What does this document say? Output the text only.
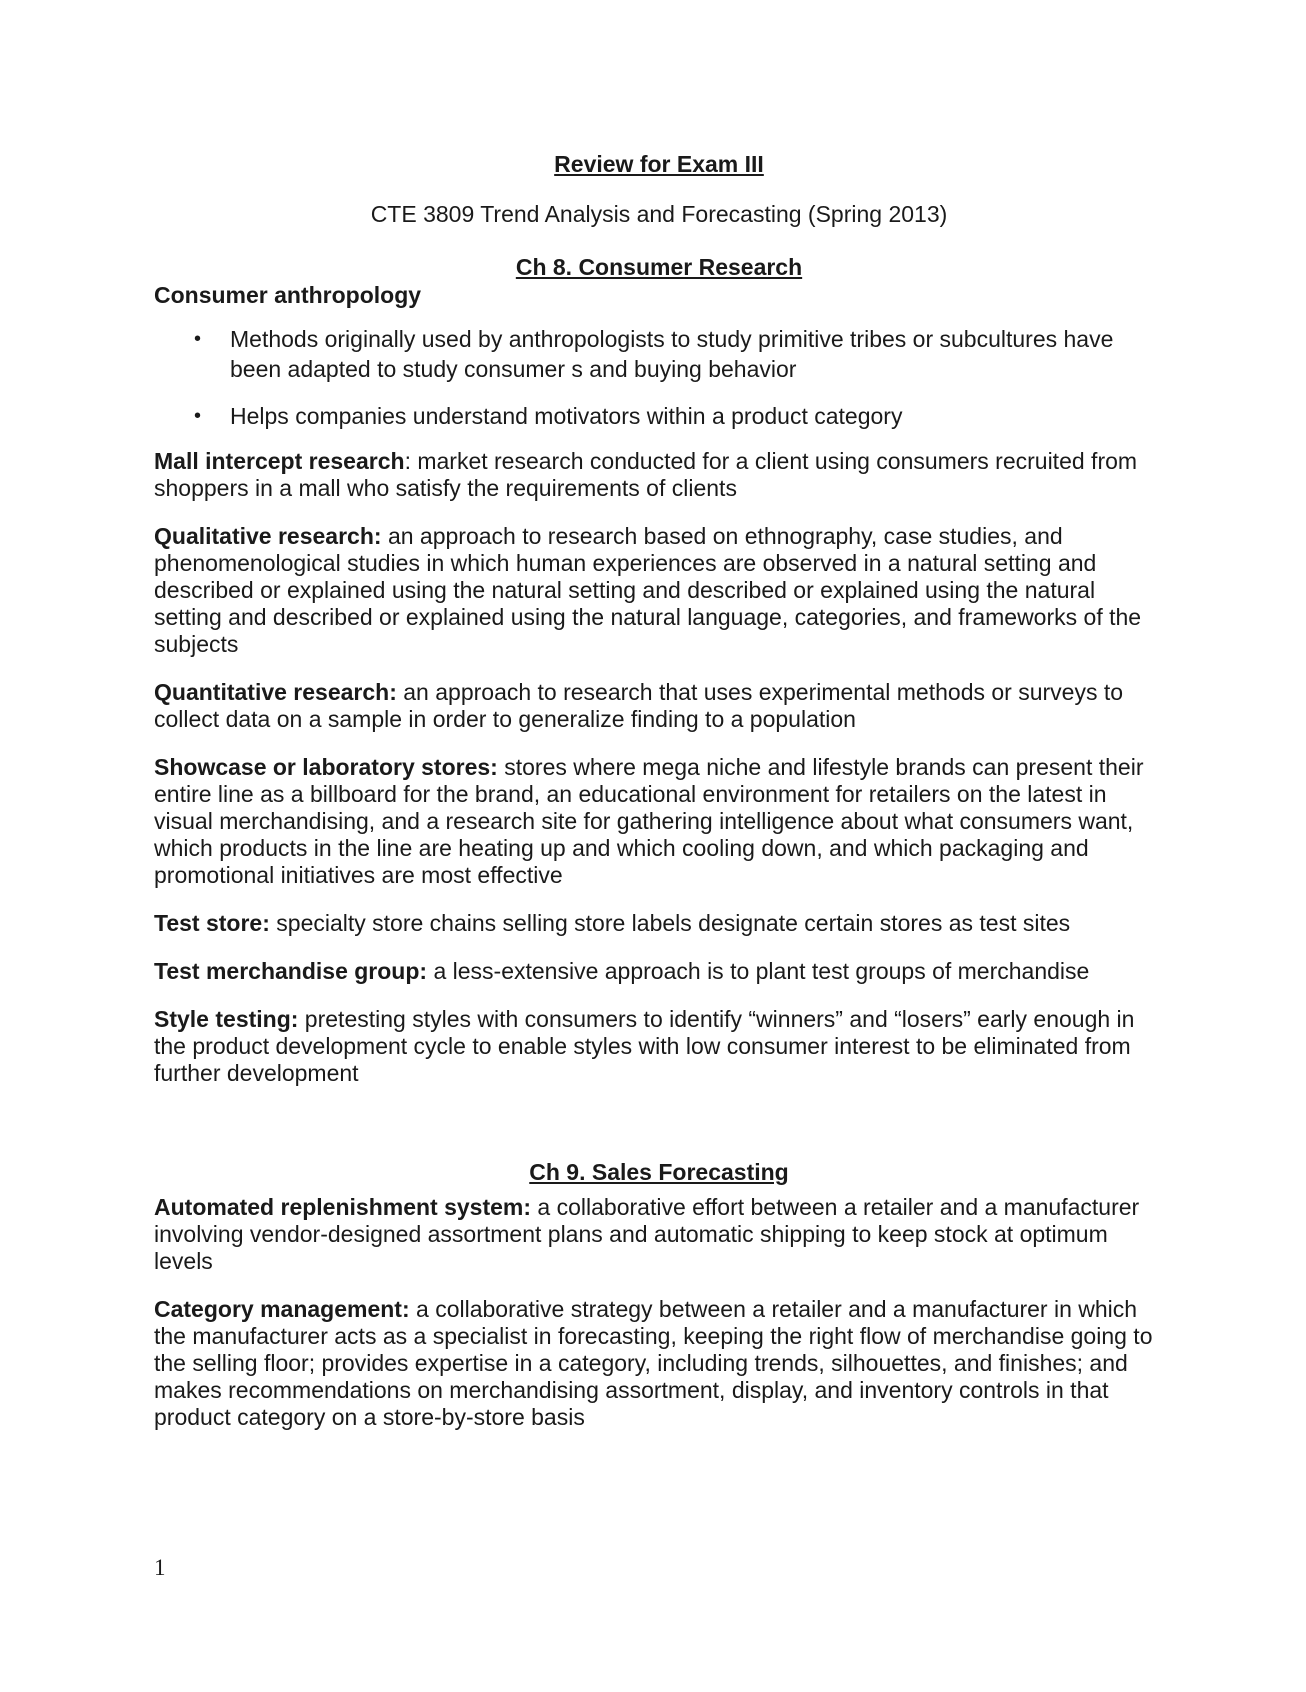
Review for Exam III

CTE 3809 Trend Analysis and Forecasting (Spring 2013)

Ch 8. Consumer Research
Consumer anthropology
• Methods originally used by anthropologists to study primitive tribes or subcultures have been adapted to study consumer s and buying behavior
• Helps companies understand motivators within a product category

Mall intercept research: market research conducted for a client using consumers recruited from shoppers in a mall who satisfy the requirements of clients

Qualitative research: an approach to research based on ethnography, case studies, and phenomenological studies in which human experiences are observed in a natural setting and described or explained using the natural setting and described or explained using the natural setting and described or explained using the natural language, categories, and frameworks of the subjects

Quantitative research: an approach to research that uses experimental methods or surveys to collect data on a sample in order to generalize finding to a population

Showcase or laboratory stores: stores where mega niche and lifestyle brands can present their entire line as a billboard for the brand, an educational environment for retailers on the latest in visual merchandising, and a research site for gathering intelligence about what consumers want, which products in the line are heating up and which cooling down, and which packaging and promotional initiatives are most effective

Test store: specialty store chains selling store labels designate certain stores as test sites

Test merchandise group: a less-extensive approach is to plant test groups of merchandise

Style testing: pretesting styles with consumers to identify “winners” and “losers” early enough in the product development cycle to enable styles with low consumer interest to be eliminated from further development

Ch 9. Sales Forecasting

Automated replenishment system: a collaborative effort between a retailer and a manufacturer involving vendor-designed assortment plans and automatic shipping to keep stock at optimum levels

Category management: a collaborative strategy between a retailer and a manufacturer in which the manufacturer acts as a specialist in forecasting, keeping the right flow of merchandise going to the selling floor; provides expertise in a category, including trends, silhouettes, and finishes; and makes recommendations on merchandising assortment, display, and inventory controls in that product category on a store-by-store basis

1
